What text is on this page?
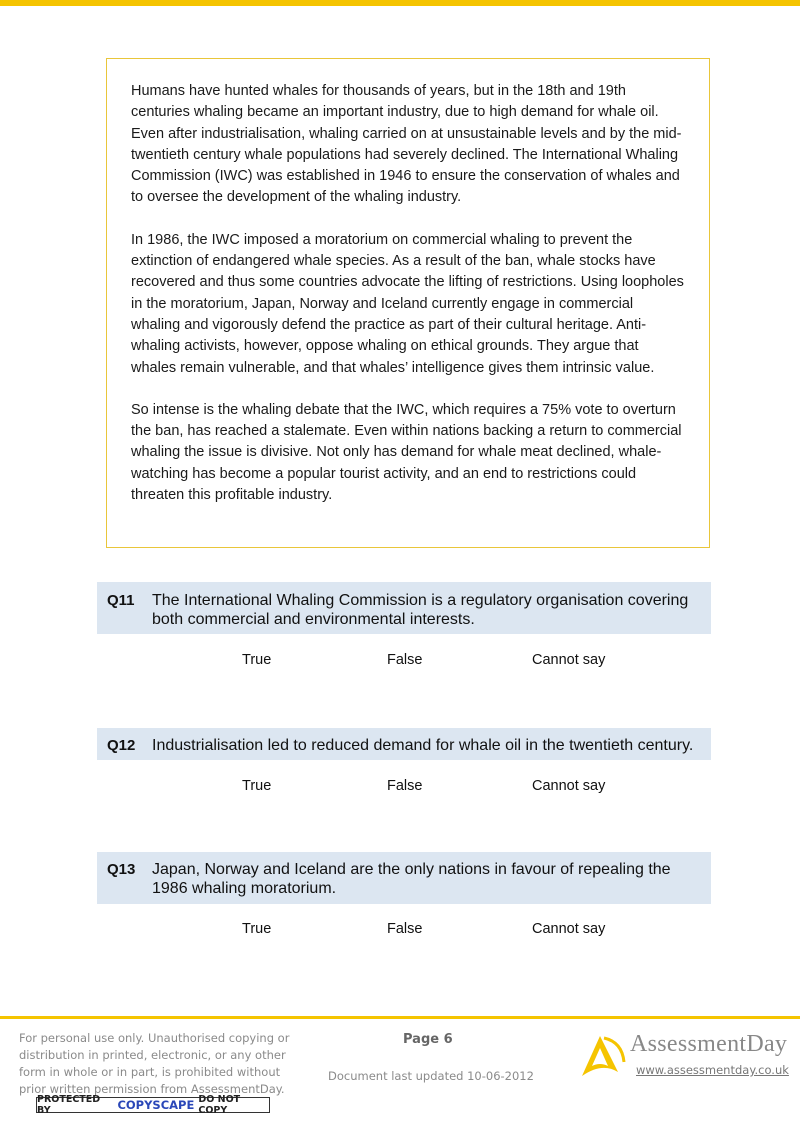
Humans have hunted whales for thousands of years, but in the 18th and 19th centuries whaling became an important industry, due to high demand for whale oil. Even after industrialisation, whaling carried on at unsustainable levels and by the mid-twentieth century whale populations had severely declined. The International Whaling Commission (IWC) was established in 1946 to ensure the conservation of whales and to oversee the development of the whaling industry.

In 1986, the IWC imposed a moratorium on commercial whaling to prevent the extinction of endangered whale species. As a result of the ban, whale stocks have recovered and thus some countries advocate the lifting of restrictions. Using loopholes in the moratorium, Japan, Norway and Iceland currently engage in commercial whaling and vigorously defend the practice as part of their cultural heritage. Anti-whaling activists, however, oppose whaling on ethical grounds. They argue that whales remain vulnerable, and that whales’ intelligence gives them intrinsic value.

So intense is the whaling debate that the IWC, which requires a 75% vote to overturn the ban, has reached a stalemate. Even within nations backing a return to commercial whaling the issue is divisive. Not only has demand for whale meat declined, whale-watching has become a popular tourist activity, and an end to restrictions could threaten this profitable industry.

Q11	The International Whaling Commission is a regulatory organisation covering both commercial and environmental interests.
True	False	Cannot say
Q12	Industrialisation led to reduced demand for whale oil in the twentieth century.
True	False	Cannot say
Q13	Japan, Norway and Iceland are the only nations in favour of repealing the 1986 whaling moratorium.
True	False	Cannot say
For personal use only. Unauthorised copying or distribution in printed, electronic, or any other form in whole or in part, is prohibited without prior written permission from AssessmentDay.
PROTECTED BY	COPYSCAPE DO NOT COPY
Page 6
Document last updated 10-06-2012
AssessmentDay
www.assessmentday.co.uk
